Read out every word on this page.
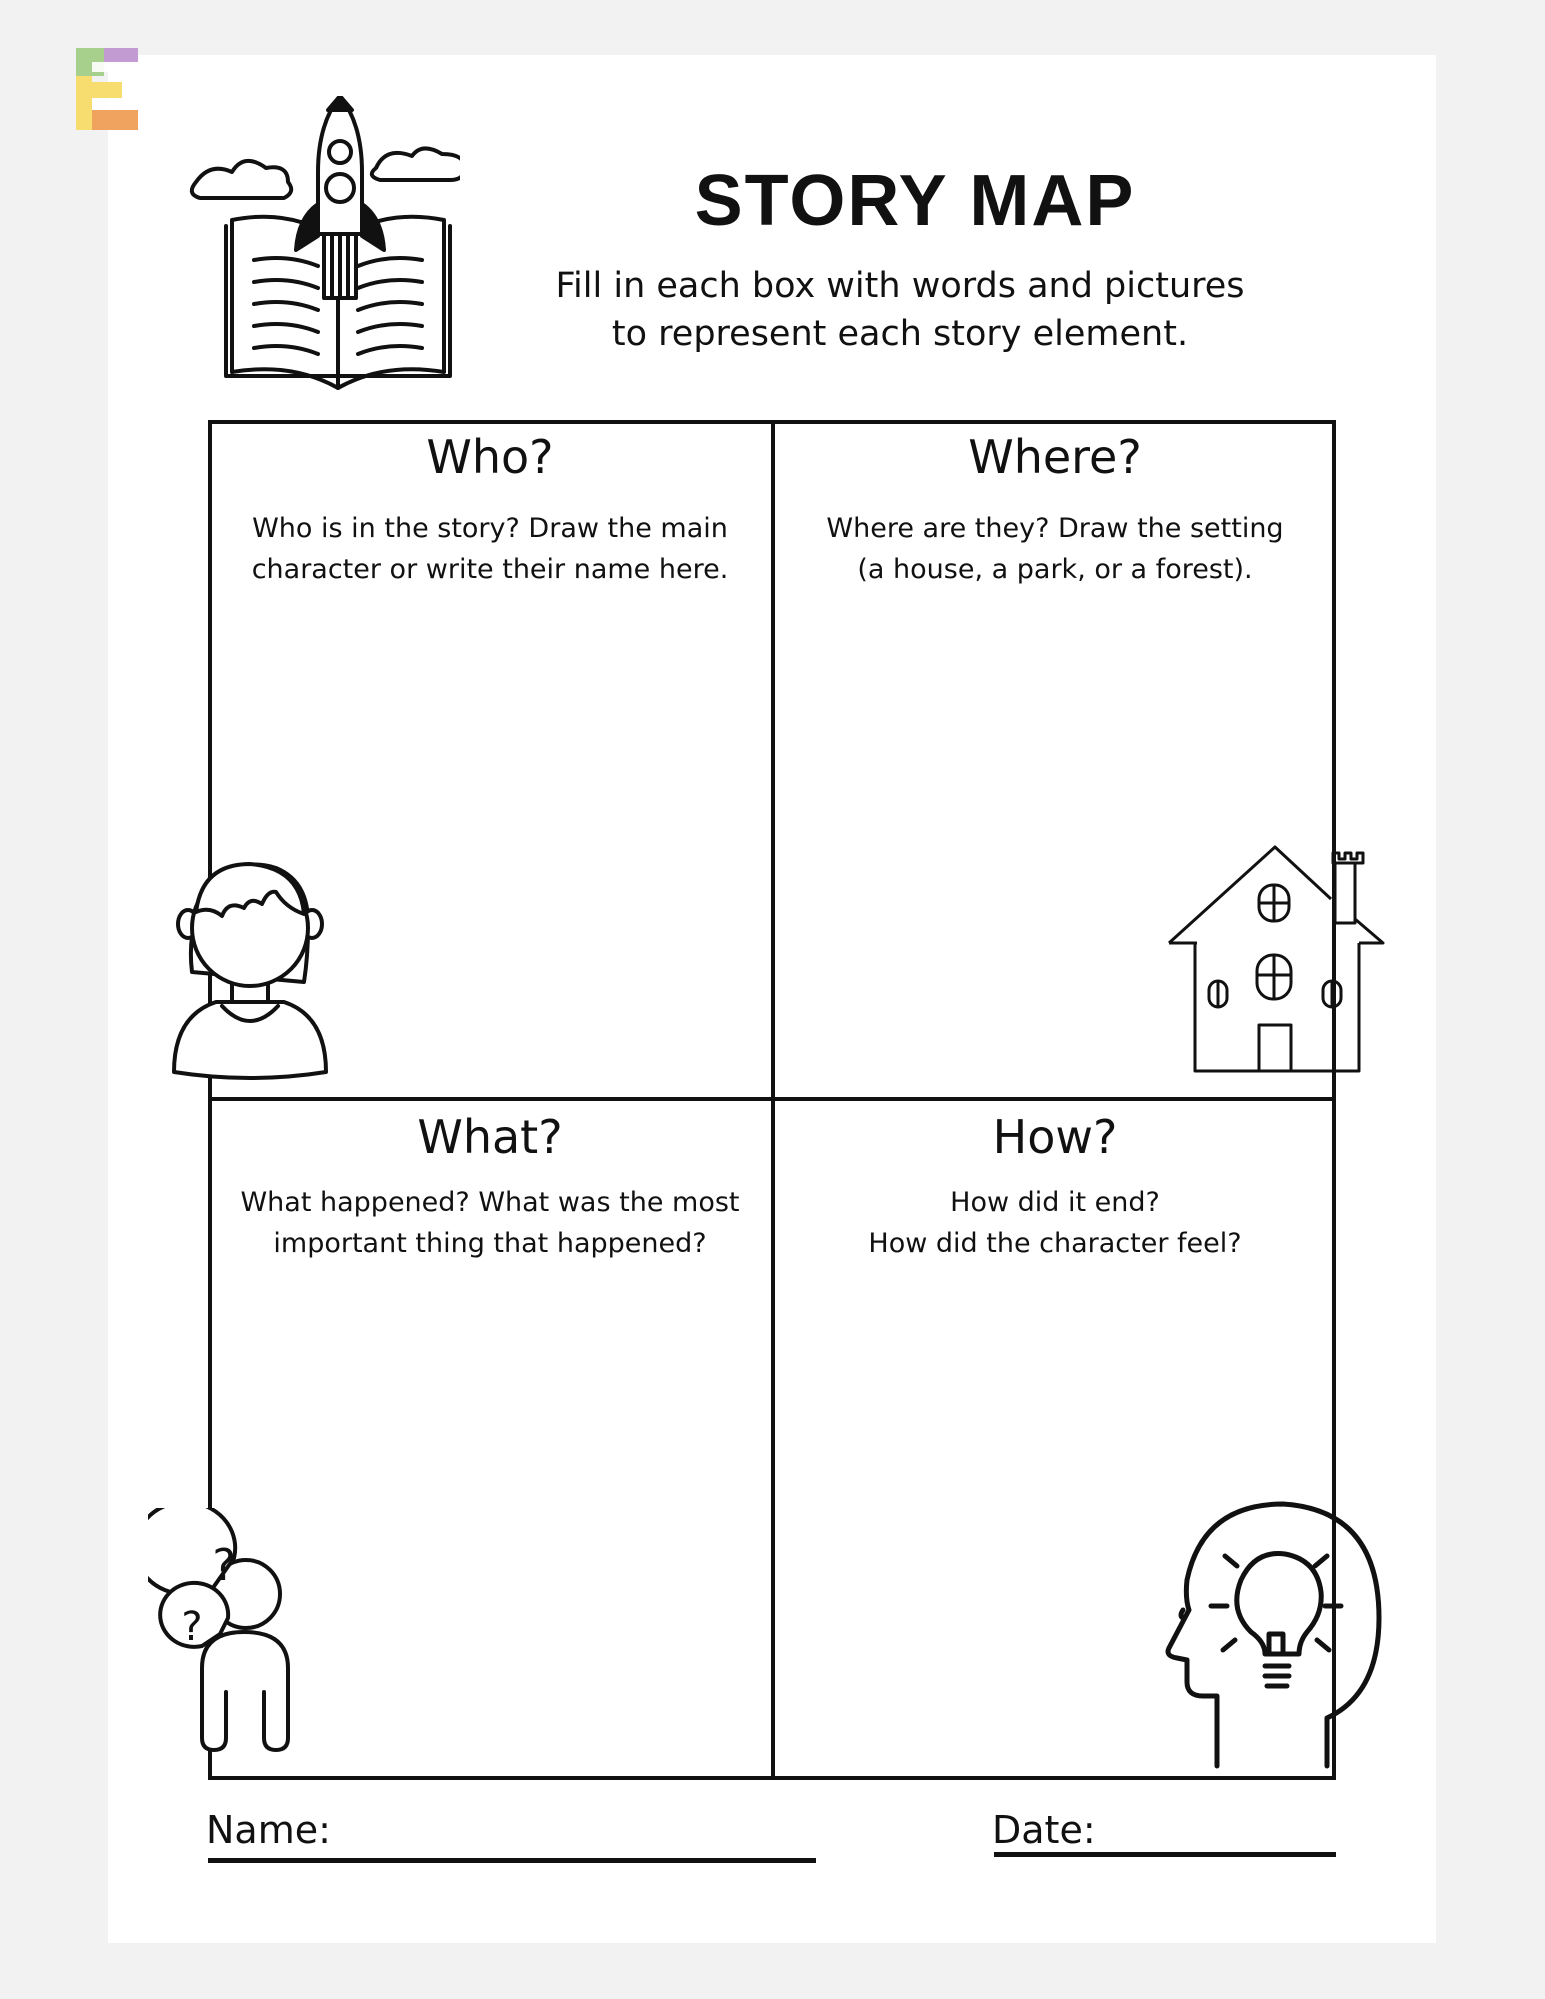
STORY MAP
Fill in each box with words and pictures
to represent each story element.
Who?
Who is in the story? Draw the main
character or write their name here.
Where?
Where are they? Draw the setting
(a house, a park, or a forest).
What?
What happened? What was the most
important thing that happened?
How?
How did it end?
How did the character feel?
?
?
Name:	Date:
